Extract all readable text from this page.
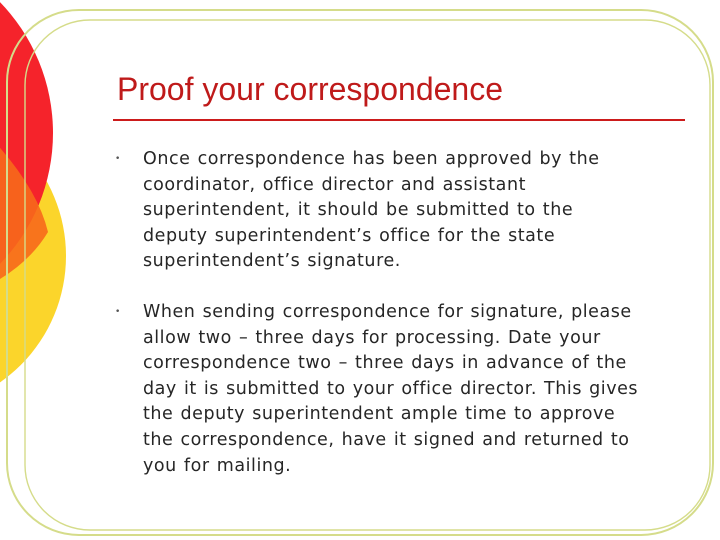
Proof your correspondence
• Once correspondence has been approved by the
coordinator, office director and assistant
superintendent, it should be submitted to the
deputy superintendent’s office for the state
superintendent’s signature.
• When sending correspondence for signature, please
allow two – three days for processing. Date your
correspondence two – three days in advance of the
day it is submitted to your office director. This gives
the deputy superintendent ample time to approve
the correspondence, have it signed and returned to
you for mailing.
